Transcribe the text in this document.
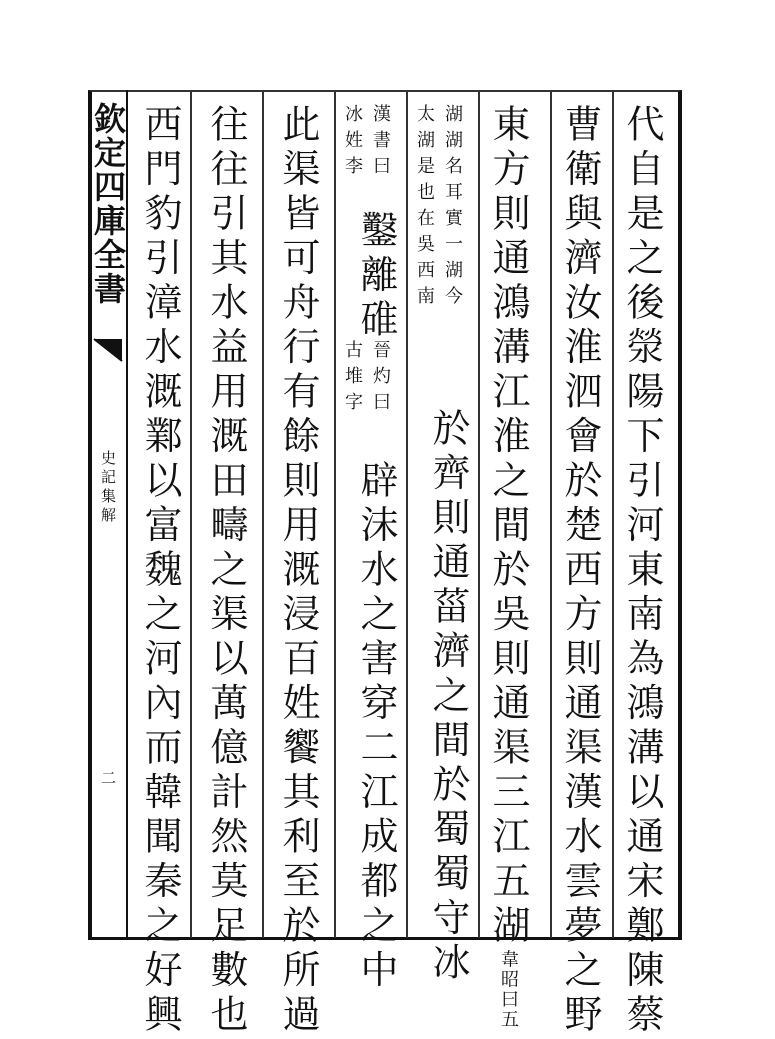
欽定四庫全書
史記集解
二	代自是之後滎陽下引河東南為鴻溝以通宋鄭陳蔡
曹衛與濟汝淮泗會於楚西方則通渠漢水雲夢之野
東方則通鴻溝江淮之間於吳則通渠三江五湖韋昭曰五
湖湖名耳實一湖今
太湖是也在吳西南
於齊則通菑濟之間於蜀蜀守冰
漢書曰
冰姓李
鑿離碓
晉灼曰
古堆字
辟沫水之害穿二江成都之中
此渠皆可舟行有餘則用溉浸百姓饗其利至於所過
往往引其水益用溉田疇之渠以萬億計然莫足數也
西門豹引漳水溉鄴以富魏之河內而韓聞秦之好興
